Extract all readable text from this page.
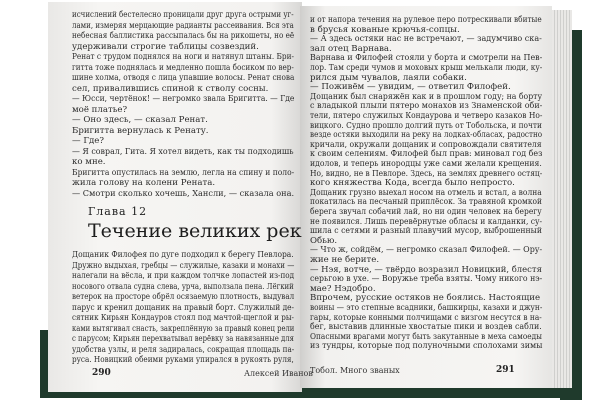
исчислений бестелесно проницали друг друга острыми уг-
лами, измеряя мерцающие радианты рассеивания. Вся эта
небесная баллистика рассыпалась бы на рикошеты, но её
удерживали строгие таблицы созвездий.
Ренат с трудом поднялся на ноги и натянул штаны. Бри-
гитта тоже поднялась и медленно пошла босиком по вер-
шине холма, отводя с лица упавшие волосы. Ренат снова
сел, привалившись спиной к стволу сосны.
— Юсси, чертёнок! — негромко звала Бригитта. — Где
моё платье?
— Оно здесь, — сказал Ренат.
Бригитта вернулась к Ренату.
— Где?
— Я соврал, Гита. Я хотел видеть, как ты подходишь
ко мне.
Бригитта опустилась на землю, легла на спину и поло-
жила голову на колени Рената.
— Смотри сколько хочешь, Хансли, — сказала она.
Глава 12
Течение великих рек
Дощаник Филофея по дуге подходил к берегу Певлора.
Дружно выдыхая, гребцы — служилые, казаки и монахи —
налегали на вёсла, и при каждом толчке лопастей из-под
носового отвала судна слева, урча, выползала пена. Лёгкий
ветерок на просторе обрёл осязаемую плотность, выдувал
парус и кренил дощаник на правый борт. Служилый де-
сятник Кирьян Кондауров стоял под мачтой-щеглой и ры-
ками вытягивал снасть, закреплённую за правый конец рели
с парусом; Кирьян перехватывал верёвку за навязанные для
удобства узлы, и реля задиралась, сокращая площадь па-
руса. Новицкий обеими руками упирался в рукоять руля,
290	Алексей Иванов
и от напора течения на рулевое перо потрескивали вбитые
в брусья кованые крючья-сопцы.
— А здесь остяки нас не встречают, — задумчиво ска-
зал отец Варнава.
Варнава и Филофей стояли у борта и смотрели на Пев-
лор. Там среди чумов и моховых крыш мелькали люди, ку-
рился дым чувалов, лаяли собаки.
— Поживём — увидим, — ответил Филофей.
Дощаник был снаряжён как и в прошлом году; на борту
с владыкой плыли пятеро монахов из Знаменской оби-
тели, пятеро служилых Кондаурова и четверо казаков Но-
вицкого. Судно прошло долгий путь от Тобольска, и почти
везде остяки выходили на реку на лодках-обласах, радостно
кричали, окружали дощаник и сопровождали святителя
к своим селениям. Филофей был прав: миновал год без
идолов, и теперь инородцы уже сами желали крещения.
Но, видно, не в Певлоре. Здесь, на землях древнего остяц-
кого княжества Кода, всегда было непросто.
Дощаник грузно выехал носом на отмель и встал, а волна
покатилась на песчаный приплёсок. За травяной кромкой
берега звучал собачий лай, но ни один человек на берегу
не появился. Лишь перевёрнутые обласы и калданки, су-
шила с сетями и разный плавучий мусор, выброшенный
Обью.
— Что ж, сойдём, — негромко сказал Филофей. — Ору-
жие не берите.
— Нэя, вотче, — твёрдо возразил Новицкий, блестя
серьгою в ухе. — Воружье треба взяты. Чому никого нэ-
мае? Нэдобро.
Впрочем, русские остяков не боялись. Настоящие
воины — это степные всадники, башкирцы, казахи и джун-
гары, которые конными полчищами с визгом несутся в на-
бег, выставив длинные хвостатые пики и воздев сабли.
Опасными врагами могут быть закутанные в меха самоеды
из тундры, которые под полуночными сполохами зимы
Тобол. Много званых	291
